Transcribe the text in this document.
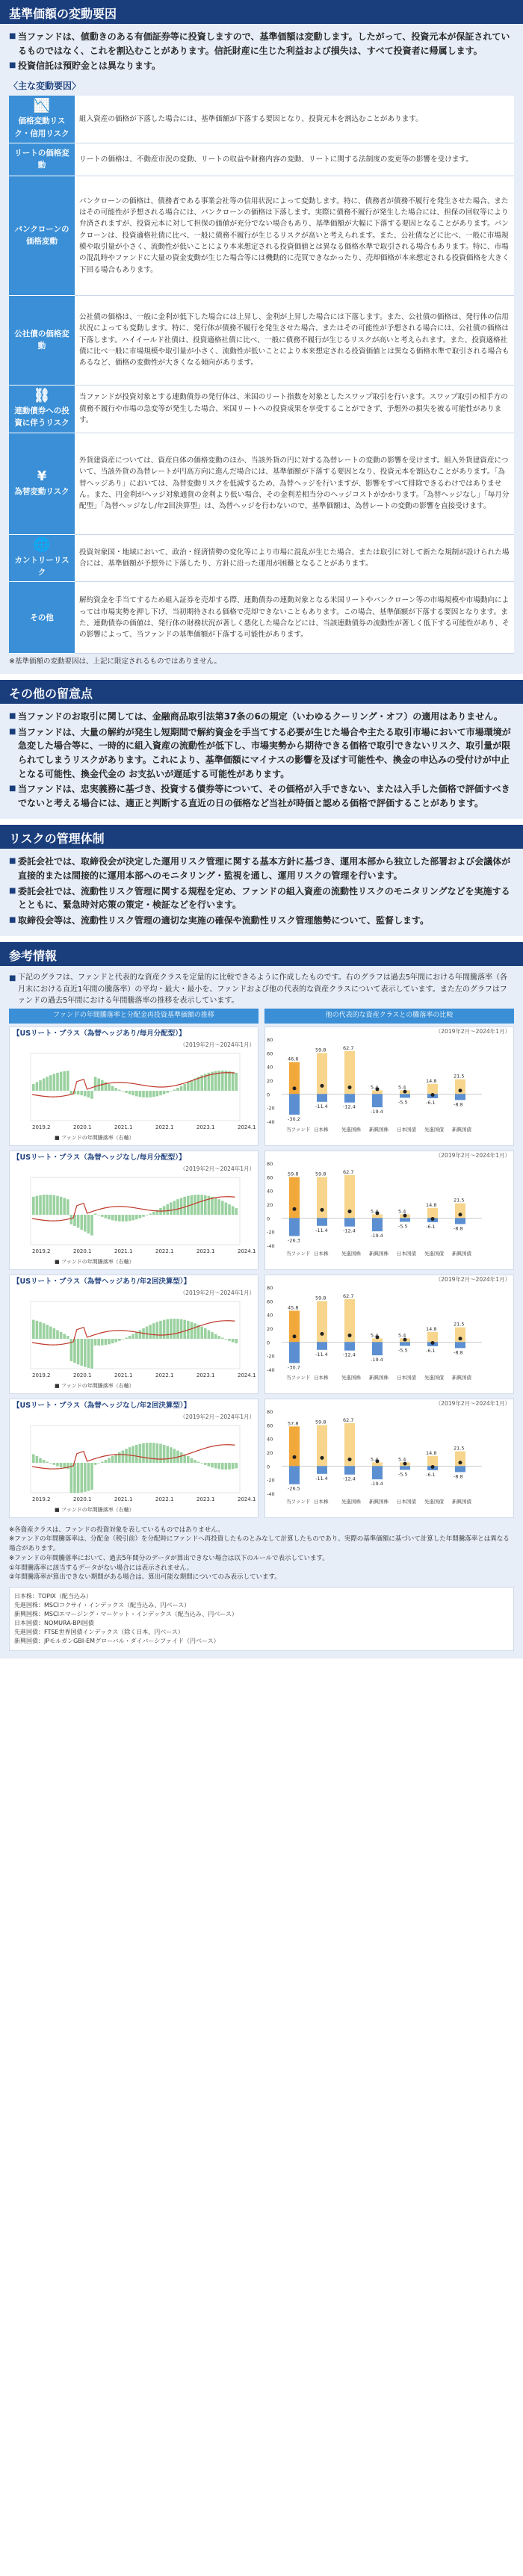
基準価額の変動要因
■ 当ファンドは、値動きのある有価証券等に投資しますので、基準価額は変動します。したがって、投資元本が保証されているものではなく、これを割込むことがあります。信託財産に生じた利益および損失は、すべて投資者に帰属します。
■ 投資信託は預貯金とは異なります。
〈主な変動要因〉
📉
価格変動リスク・信用リスク	組入資産の価格が下落した場合には、基準価額が下落する要因となり、投資元本を割込むことがあります。
リートの価格変動	リートの価格は、不動産市況の変動、リートの収益や財務内容の変動、リートに関する法制度の変更等の影響を受けます。
バンクローンの価格変動	バンクローンの価格は、債務者である事業会社等の信用状況によって変動します。特に、債務者が債務不履行を発生させた場合、またはその可能性が予想される場合には、バンクローンの価格は下落します。実際に債務不履行が発生した場合には、担保の回収等により弁済されますが、投資元本に対して担保の価値が充分でない場合もあり、基準価額が大幅に下落する要因となることがあります。バンクローンは、投資適格社債に比べ、一般に債務不履行が生じるリスクが高いと考えられます。また、公社債などに比べ、一般に市場規模や取引量が小さく、流動性が低いことにより本来想定される投資価値とは異なる価格水準で取引される場合もあります。特に、市場の混乱時やファンドに大量の資金変動が生じた場合等には機動的に売買できなかったり、売却価格が本来想定される投資価格を大きく下回る場合もあります。
公社債の価格変動	公社債の価格は、一般に金利が低下した場合には上昇し、金利が上昇した場合には下落します。また、公社債の価格は、発行体の信用状況によっても変動します。特に、発行体が債務不履行を発生させた場合、またはその可能性が予想される場合には、公社債の価格は下落します。ハイイールド社債は、投資適格社債に比べ、一般に債務不履行が生じるリスクが高いと考えられます。また、投資適格社債に比べ一般に市場規模や取引量が小さく、流動性が低いことにより本来想定される投資価値とは異なる価格水準で取引される場合もあるなど、価格の変動性が大きくなる傾向があります。

⛓
連動債券への投資に伴うリスク	当ファンドが投資対象とする連動債券の発行体は、米国のリート指数を対象としたスワップ取引を行います。スワップ取引の相手方の債務不履行や市場の急変等が発生した場合、米国リートへの投資成果を享受することができず、予想外の損失を被る可能性があります。

¥
為替変動リスク	外貨建資産については、資産自体の価格変動のほか、当該外貨の円に対する為替レートの変動の影響を受けます。組入外貨建資産について、当該外貨の為替レートが円高方向に進んだ場合には、基準価額が下落する要因となり、投資元本を割込むことがあります。「為替ヘッジあり」においては、為替変動リスクを低減するため、為替ヘッジを行いますが、影響をすべて排除できるわけではありません。また、円金利がヘッジ対象通貨の金利より低い場合、その金利差相当分のヘッジコストがかかります。「為替ヘッジなし」「毎月分配型」「為替ヘッジなし/年2回決算型」は、為替ヘッジを行わないので、基準価額は、為替レートの変動の影響を直接受けます。

🌐
カントリーリスク	投資対象国・地域において、政治・経済情勢の変化等により市場に混乱が生じた場合、または取引に対して新たな規制が設けられた場合には、基準価額が予想外に下落したり、方針に沿った運用が困難となることがあります。
その他	解約資金を手当てするため組入証券を売却する際、連動債券の連動対象となる米国リートやバンクローン等の市場規模や市場動向によっては市場実勢を押し下げ、当初期待される価格で売却できないこともあります。この場合、基準価額が下落する要因となります。また、連動債券の価値は、発行体の財務状況が著しく悪化した場合などには、当該連動債券の流動性が著しく低下する可能性があり、その影響によって、当ファンドの基準価額が下落する可能性があります。
※基準価額の変動要因は、上記に限定されるものではありません。
その他の留意点
■ 当ファンドのお取引に関しては、金融商品取引法第37条の6の規定（いわゆるクーリング・オフ）の適用はありません。
■ 当ファンドは、大量の解約が発生し短期間で解約資金を手当てする必要が生じた場合や主たる取引市場において市場環境が急変した場合等に、一時的に組入資産の流動性が低下し、市場実勢から期待できる価格で取引できないリスク、取引量が限られてしまうリスクがあります。これにより、基準価額にマイナスの影響を及ぼす可能性や、換金の申込みの受付けが中止となる可能性、換金代金の お支払いが遅延する可能性があります。
■ 当ファンドは、忠実義務に基づき、投資する債券等について、その価格が入手できない、または入手した価格で評価すべきでないと考える場合には、適正と判断する直近の日の価格など当社が時価と認める価格で評価することがあります。
リスクの管理体制
■ 委託会社では、取締役会が決定した運用リスク管理に関する基本方針に基づき、運用本部から独立した部署および会議体が直接的または間接的に運用本部へのモニタリング・監視を通し、運用リスクの管理を行います。
■ 委託会社では、流動性リスク管理に関する規程を定め、ファンドの組入資産の流動性リスクのモニタリングなどを実施するとともに、緊急時対応策の策定・検証などを行います。
■ 取締役会等は、流動性リスク管理の適切な実施の確保や流動性リスク管理態勢について、監督します。
参考情報
■ 下記のグラフは、ファンドと代表的な資産クラスを定量的に比較できるように作成したものです。右のグラフは過去5年間における年間騰落率（各月末における直近1年間の騰落率）の平均・最大・最小を、ファンドおよび他の代表的な資産クラスについて表示しています。また左のグラフはファンドの過去5年間における年間騰落率の推移を表示しています。
ファンドの年間騰落率と分配金再投資基準価額の推移
【USリート・プラス（為替ヘッジあり/毎月分配型）】
（2019年2月～2024年1月）
2019.2	2020.1	2021.1	2022.1	2023.1	2024.1
■ ファンドの年間騰落率（右軸）
【USリート・プラス（為替ヘッジなし/毎月分配型）】
（2019年2月～2024年1月）
2019.2	2020.1	2021.1	2022.1	2023.1	2024.1
■ ファンドの年間騰落率（右軸）
【USリート・プラス（為替ヘッジあり/年2回決算型）】
（2019年2月～2024年1月）
2019.2	2020.1	2021.1	2022.1	2023.1	2024.1
■ ファンドの年間騰落率（右軸）
【USリート・プラス（為替ヘッジなし/年2回決算型）】
（2019年2月～2024年1月）
2019.2	2020.1	2021.1	2022.1	2023.1	2024.1
■ ファンドの年間騰落率（右軸）
他の代表的な資産クラスとの騰落率の比較
（2019年2月～2024年1月）
80
60
40
20
0
-20
-40
46.6
-30.2
当ファンド
59.8
-11.4
日本株
62.7
-12.4
先進国株
5.4
-19.4
新興国株
5.4
-5.5
日本国債
14.8
-6.1
先進国債
21.5
-8.8
新興国債
（2019年2月～2024年1月）
80
60
40
20
0
-20
-40
59.8
-26.3
当ファンド
59.8
-11.4
日本株
62.7
-12.4
先進国株
5.4
-19.4
新興国株
5.4
-5.5
日本国債
14.8
-6.1
先進国債
21.5
-8.8
新興国債
（2019年2月～2024年1月）
80
60
40
20
0
-20
-40
45.8
-30.7
当ファンド
59.8
-11.4
日本株
62.7
-12.4
先進国株
5.4
-19.4
新興国株
5.4
-5.5
日本国債
14.8
-6.1
先進国債
21.5
-8.8
新興国債
（2019年2月～2024年1月）
80
60
40
20
0
-20
-40
57.8
-26.5
当ファンド
59.8
-11.4
日本株
62.7
-12.4
先進国株
5.4
-19.4
新興国株
5.4
-5.5
日本国債
14.8
-6.1
先進国債
21.5
-8.8
新興国債
※各資産クラスは、ファンドの投資対象を表しているものではありません。
※ファンドの年間騰落率は、分配金（税引前）を分配時にファンドへ再投資したものとみなして計算したものであり、実際の基準価額に基づいて計算した年間騰落率とは異なる場合があります。
※ファンドの年間騰落率において、過去5年間分のデータが算出できない場合は以下のルールで表示しています。
①年間騰落率に該当するデータがない場合には表示されません。
②年間騰落率が算出できない期間がある場合は、算出可能な期間についてのみ表示しています。
日本株：TOPIX（配当込み）
先進国株：MSCIコクサイ・インデックス（配当込み、円ベース）
新興国株：MSCIエマージング・マーケット・インデックス（配当込み、円ベース）
日本国債：NOMURA-BPI国債
先進国債：FTSE世界国債インデックス（除く日本、円ベース）
新興国債：JPモルガンGBI-EMグローバル・ダイバーシファイド（円ベース）
